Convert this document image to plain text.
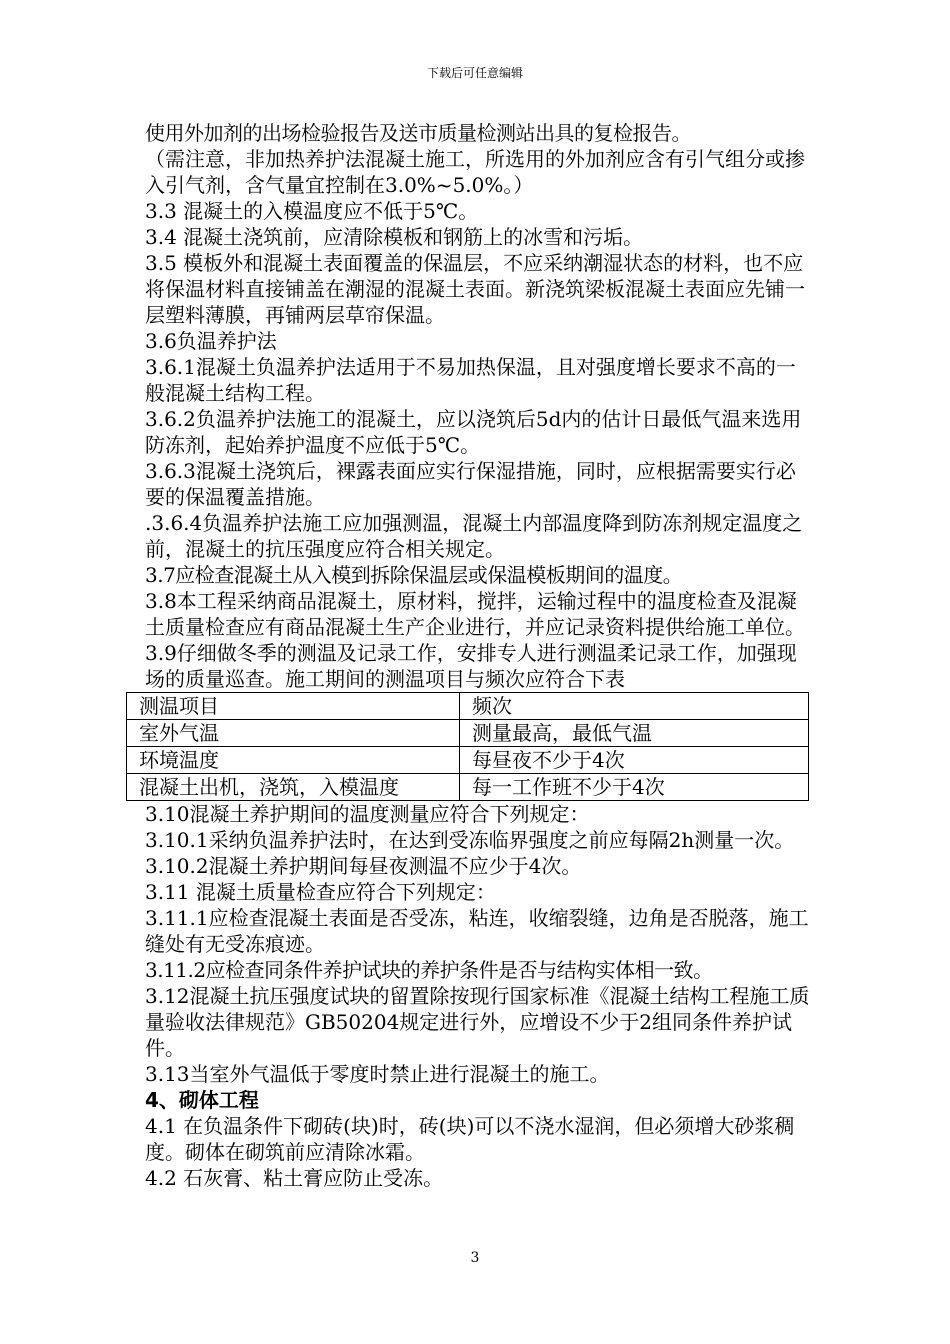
下载后可任意编辑

使用外加剂的出场检验报告及送市质量检测站出具的复检报告。

（需注意，非加热养护法混凝土施工，所选用的外加剂应含有引气组分或掺入引气剂，含气量宜控制在3.0%~5.0%。）

3.3 混凝土的入模温度应不低于5℃。

3.4 混凝土浇筑前，应清除模板和钢筋上的冰雪和污垢。

3.5 模板外和混凝土表面覆盖的保温层，不应采纳潮湿状态的材料，也不应将保温材料直接铺盖在潮湿的混凝土表面。新浇筑梁板混凝土表面应先铺一层塑料薄膜，再铺两层草帘保温。

3.6负温养护法

3.6.1混凝土负温养护法适用于不易加热保温，且对强度增长要求不高的一般混凝土结构工程。

3.6.2负温养护法施工的混凝土，应以浇筑后5d内的估计日最低气温来选用防冻剂，起始养护温度不应低于5℃。

3.6.3混凝土浇筑后，裸露表面应实行保湿措施，同时，应根据需要实行必要的保温覆盖措施。

.3.6.4负温养护法施工应加强测温，混凝土内部温度降到防冻剂规定温度之前，混凝土的抗压强度应符合相关规定。

3.7应检查混凝土从入模到拆除保温层或保温模板期间的温度。

3.8本工程采纳商品混凝土，原材料，搅拌，运输过程中的温度检查及混凝土质量检查应有商品混凝土生产企业进行，并应记录资料提供给施工单位。

3.9仔细做冬季的测温及记录工作，安排专人进行测温柔记录工作，加强现场的质量巡查。施工期间的测温项目与频次应符合下表

测温项目	频次
室外气温	测量最高，最低气温
环境温度	每昼夜不少于4次
混凝土出机，浇筑，入模温度	每一工作班不少于4次

3.10混凝土养护期间的温度测量应符合下列规定：

3.10.1采纳负温养护法时，在达到受冻临界强度之前应每隔2h测量一次。

3.10.2混凝土养护期间每昼夜测温不应少于4次。

3.11 混凝土质量检查应符合下列规定：

3.11.1应检查混凝土表面是否受冻，粘连，收缩裂缝，边角是否脱落，施工缝处有无受冻痕迹。

3.11.2应检查同条件养护试块的养护条件是否与结构实体相一致。

3.12混凝土抗压强度试块的留置除按现行国家标准《混凝土结构工程施工质量验收法律规范》GB50204规定进行外，应增设不少于2组同条件养护试件。

3.13当室外气温低于零度时禁止进行混凝土的施工。

4、砌体工程

4.1 在负温条件下砌砖(块)时，砖(块)可以不浇水湿润，但必须增大砂浆稠度。砌体在砌筑前应清除冰霜。

4.2 石灰膏、粘土膏应防止受冻。

3
